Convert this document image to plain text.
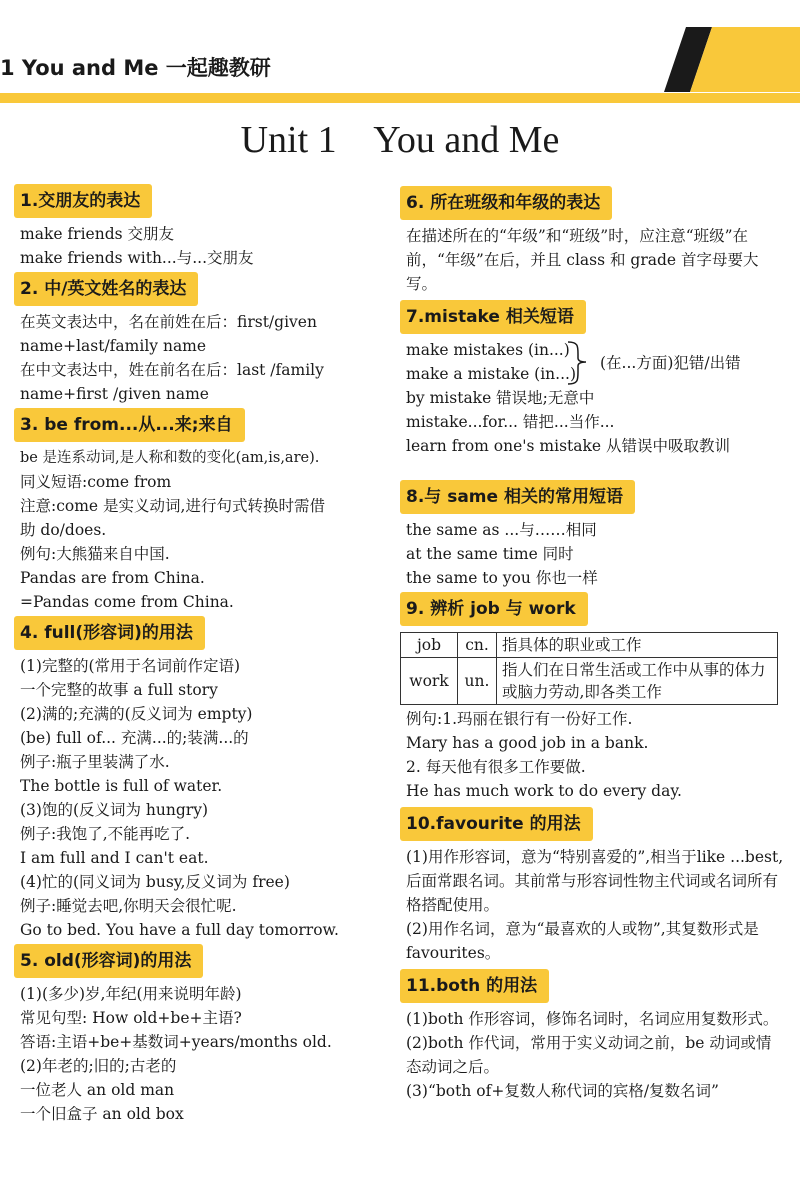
1 You and Me 一起趣教研
Unit 1    You and Me
1.交朋友的表达
make friends 交朋友
make friends with...与...交朋友
2. 中/英文姓名的表达
在英文表达中，名在前姓在后：first/given
name+last/family name
在中文表达中，姓在前名在后：last /family
name+first /given name
3. be from...从...来;来自
be 是连系动词,是人称和数的变化(am,is,are).
同义短语:come from
注意:come 是实义动词,进行句式转换时需借
助 do/does.
例句:大熊猫来自中国.
Pandas are from China.
=Pandas come from China.
4. full(形容词)的用法
(1)完整的(常用于名词前作定语)
一个完整的故事 a full story
(2)满的;充满的(反义词为 empty)
(be) full of... 充满...的;装满...的
例子:瓶子里装满了水.
The bottle is full of water.
(3)饱的(反义词为 hungry)
例子:我饱了,不能再吃了.
I am full and I can't eat.
(4)忙的(同义词为 busy,反义词为 free)
例子:睡觉去吧,你明天会很忙呢.
Go to bed. You have a full day tomorrow.
5. old(形容词)的用法
(1)(多少)岁,年纪(用来说明年龄)
常见句型: How old+be+主语?
答语:主语+be+基数词+years/months old.
(2)年老的;旧的;古老的
一位老人 an old man
一个旧盒子 an old box
6. 所在班级和年级的表达
在描述所在的“年级”和“班级”时，应注意“班级”在前，“年级”在后，并且 class 和 grade 首字母要大写。
7.mistake 相关短语
make mistakes (in...)
make a mistake (in...)
(在...方面)犯错/出错
by mistake 错误地;无意中
mistake...for... 错把...当作...
learn from one's mistake 从错误中吸取教训
8.与 same 相关的常用短语
the same as ...与……相同
at the same time 同时
the same to you 你也一样
9. 辨析 job 与 work
job	cn.	指具体的职业或工作
work	un.	指人们在日常生活或工作中从事的体力或脑力劳动,即各类工作
例句:1.玛丽在银行有一份好工作.
Mary has a good job in a bank.
2. 每天他有很多工作要做.
He has much work to do every day.
10.favourite 的用法
(1)用作形容词，意为“特别喜爱的”,相当于like ...best,后面常跟名词。其前常与形容词性物主代词或名词所有格搭配使用。
(2)用作名词，意为“最喜欢的人或物”,其复数形式是 favourites。
11.both 的用法
(1)both 作形容词，修饰名词时，名词应用复数形式。
(2)both 作代词，常用于实义动词之前，be 动词或情态动词之后。
(3)“both of+复数人称代词的宾格/复数名词”
